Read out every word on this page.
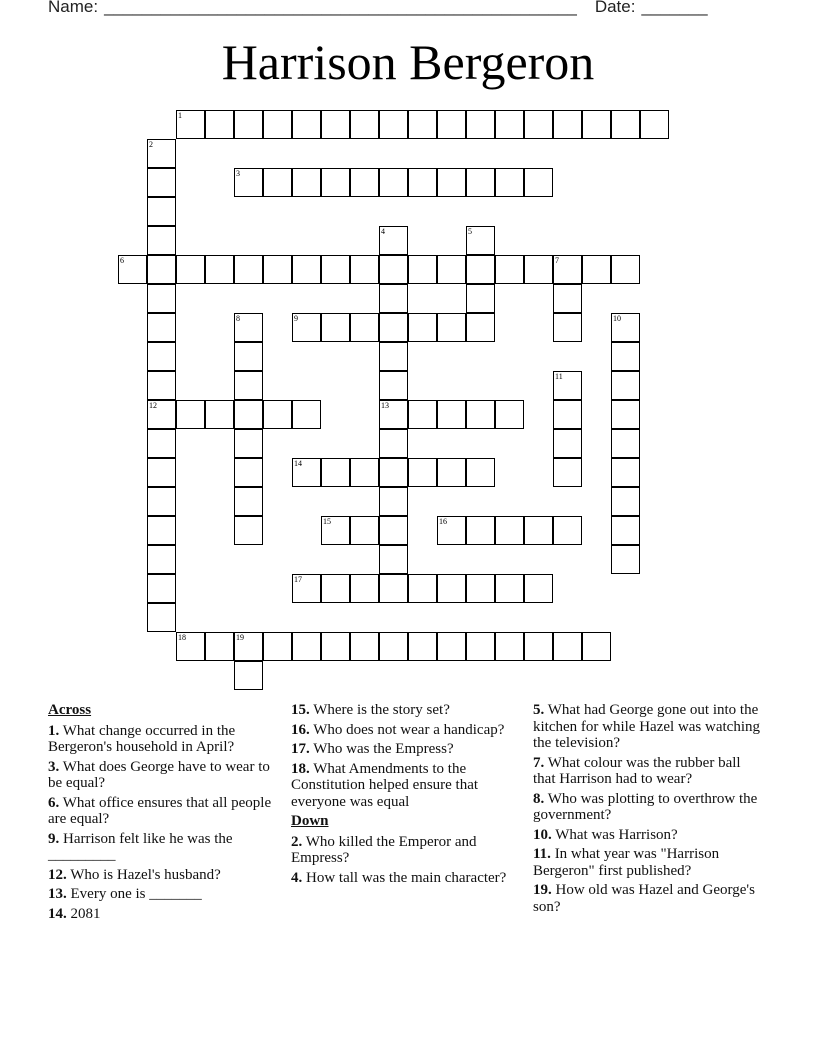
Name: __________________________________________________ Date: _______
Harrison Bergeron
1
2
12
3
4
13
5
6	7
8	9	10
11
14
15	16
17
18	19
Across
1. What change occurred in the Bergeron's household in April?
3. What does George have to wear to be equal?
6. What office ensures that all people are equal?
9. Harrison felt like he was the _________
12. Who is Hazel's husband?
13. Every one is _______
14. 2081
15. Where is the story set?
16. Who does not wear a handicap?
17. Who was the Empress?
18. What Amendments to the Constitution helped ensure that everyone was equal
Down
2. Who killed the Emperor and Empress?
4. How tall was the main character?
5. What had George gone out into the kitchen for while Hazel was watching the television?
7. What colour was the rubber ball that Harrison had to wear?
8. Who was plotting to overthrow the government?
10. What was Harrison?
11. In what year was "Harrison Bergeron" first published?
19. How old was Hazel and George's son?
